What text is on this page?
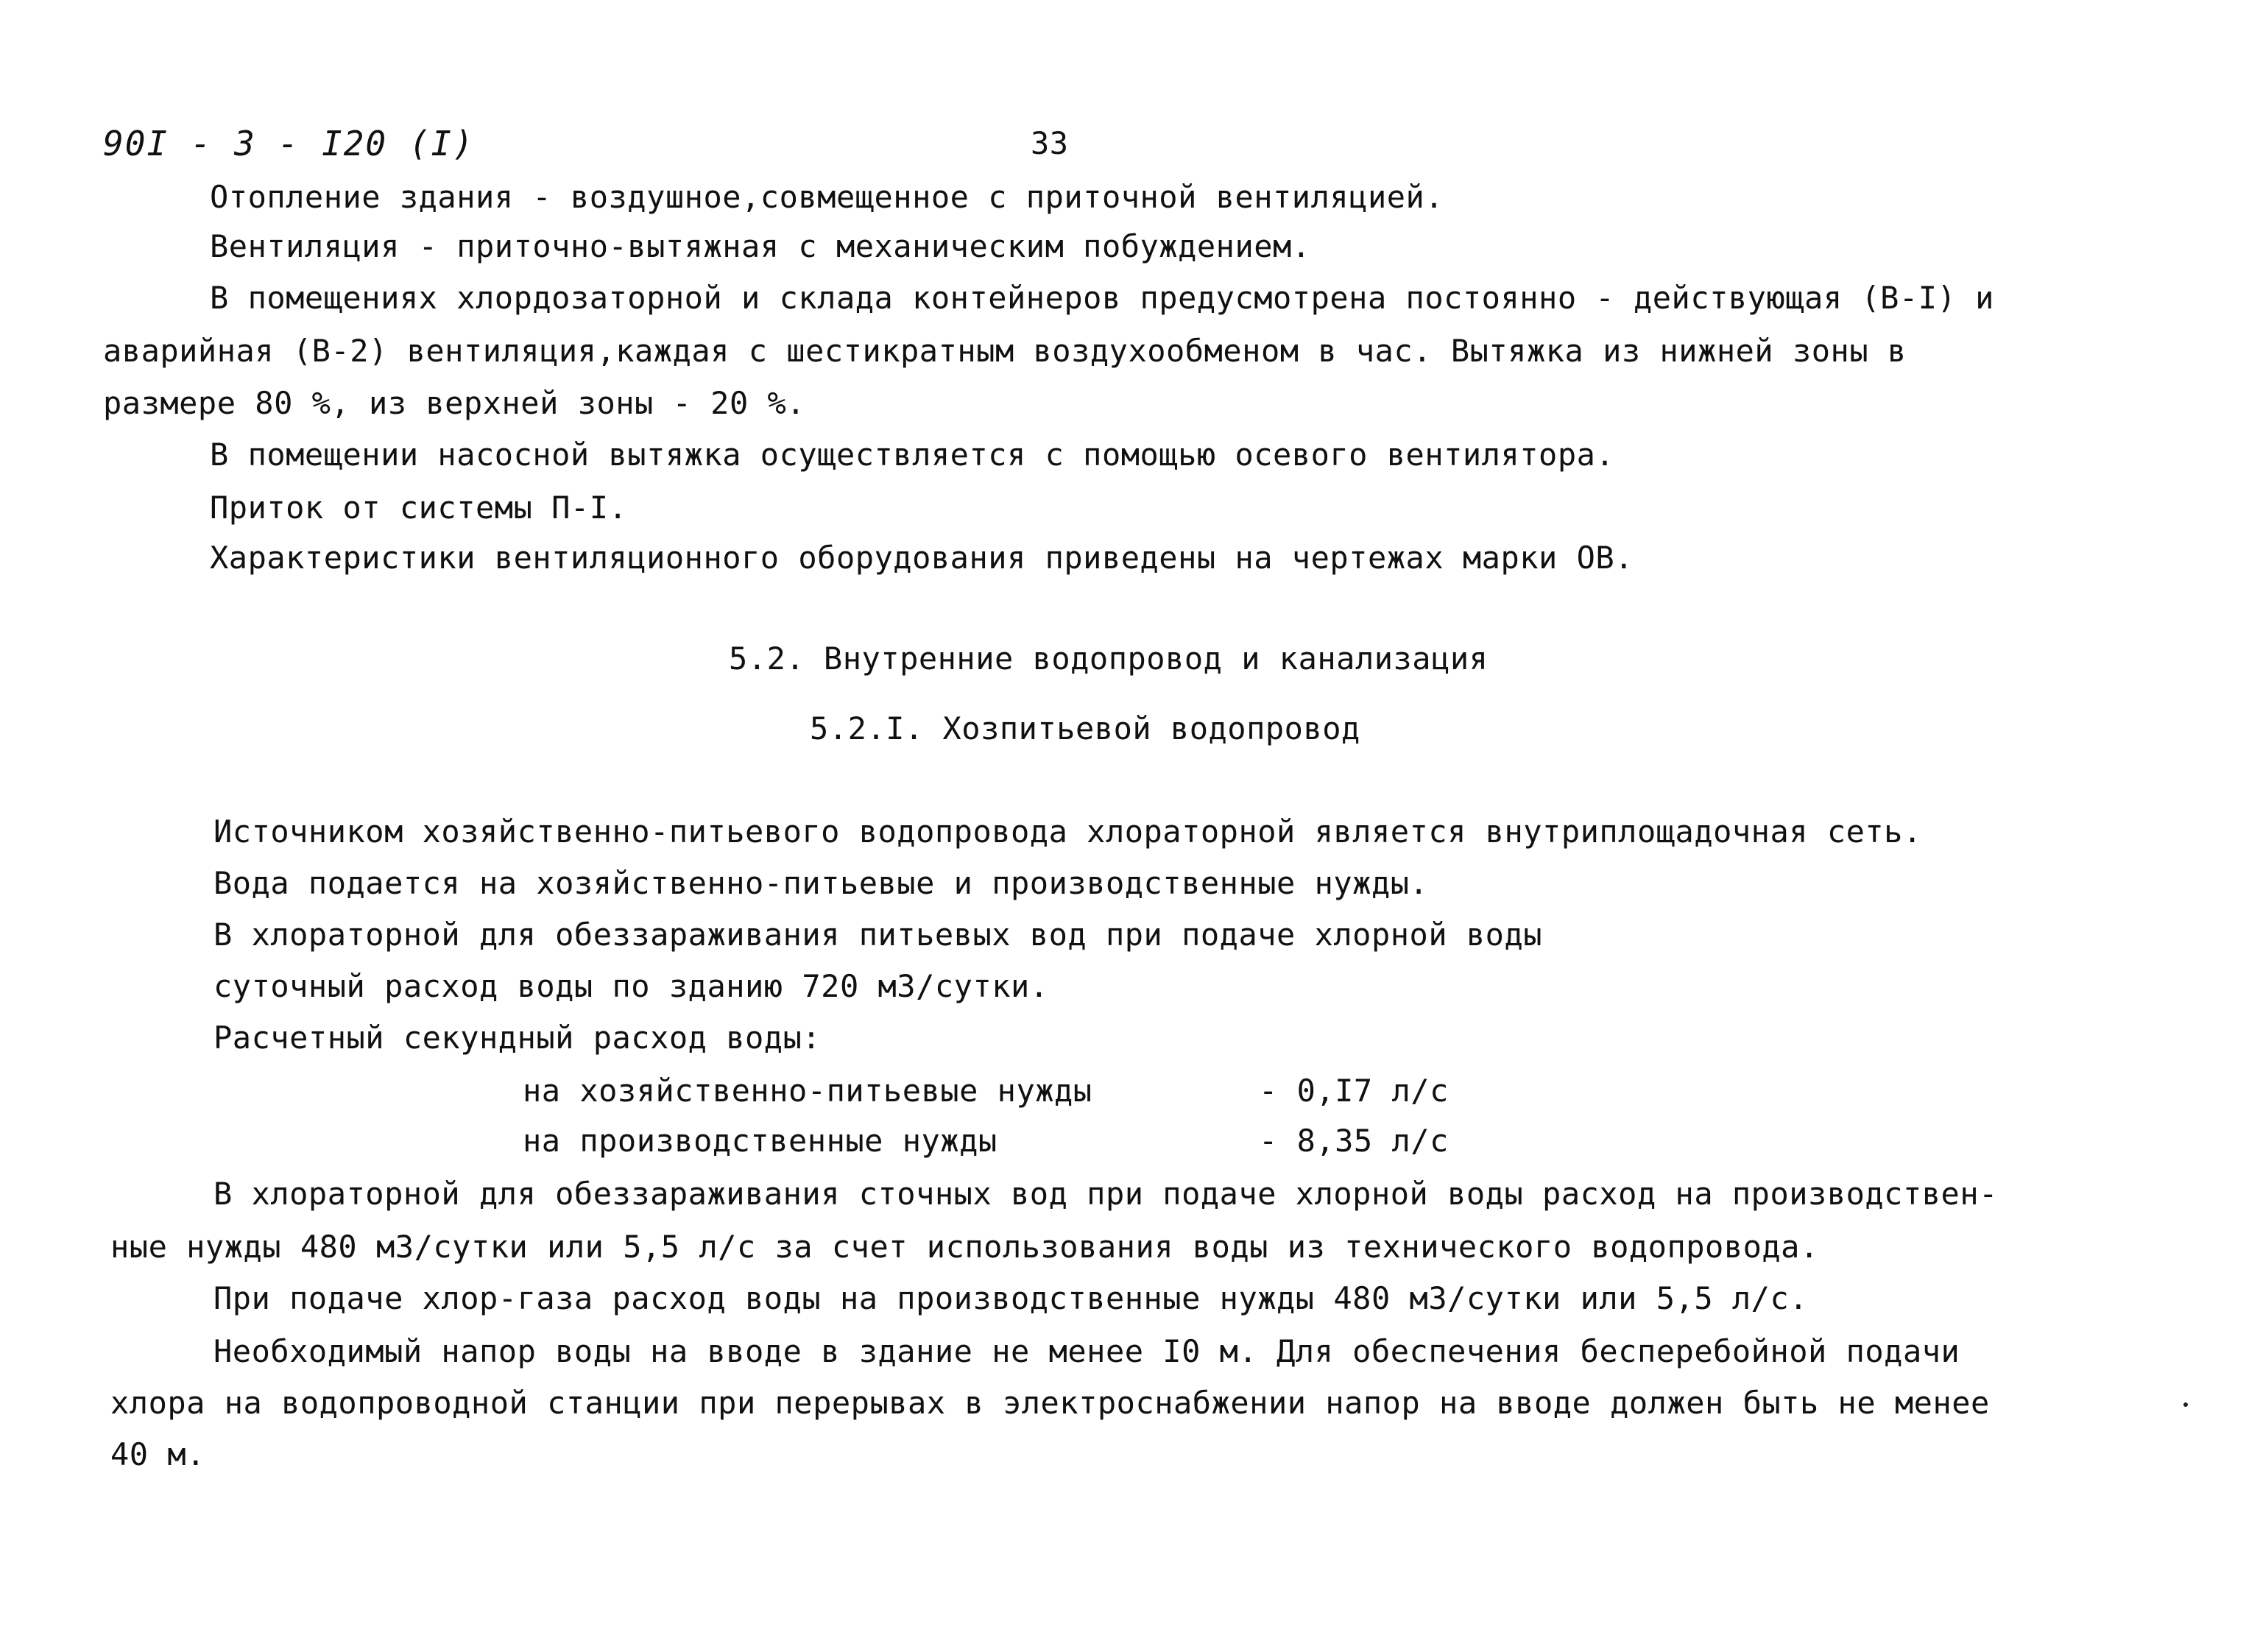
90I - 3 - I20 (I)	33
Отопление здания - воздушное,совмещенное с приточной вентиляцией.
Вентиляция - приточно-вытяжная с механическим побуждением.
В помещениях хлордозаторной и склада контейнеров предусмотрена постоянно - действующая (В-I) и
аварийная (В-2) вентиляция,каждая с шестикратным воздухообменом в час. Вытяжка из нижней зоны в
размере 80 %, из верхней зоны - 20 %.
В помещении насосной вытяжка осуществляется с помощью осевого вентилятора.
Приток от системы П-I.
Характеристики вентиляционного оборудования приведены на чертежах марки ОВ.
5.2. Внутренние водопровод и канализация
5.2.I. Хозпитьевой водопровод
Источником хозяйственно-питьевого водопровода хлораторной является внутриплощадочная сеть.
Вода подается на хозяйственно-питьевые и производственные нужды.
В хлораторной для обеззараживания питьевых вод при подаче хлорной воды
суточный расход воды по зданию 720 м3/сутки.
Расчетный секундный расход воды:
на хозяйственно-питьевые нужды	- 0,I7 л/с
на производственные нужды	- 8,35 л/с
В хлораторной для обеззараживания сточных вод при подаче хлорной воды расход на производствен-
ные нужды 480 м3/сутки или 5,5 л/с за счет использования воды из технического водопровода.
При подаче хлор-газа расход воды на производственные нужды 480 м3/сутки или 5,5 л/с.
Необходимый напор воды на вводе в здание не менее I0 м. Для обеспечения бесперебойной подачи
хлора на водопроводной станции при перерывах в электроснабжении напор на вводе должен быть не менее
40 м.
